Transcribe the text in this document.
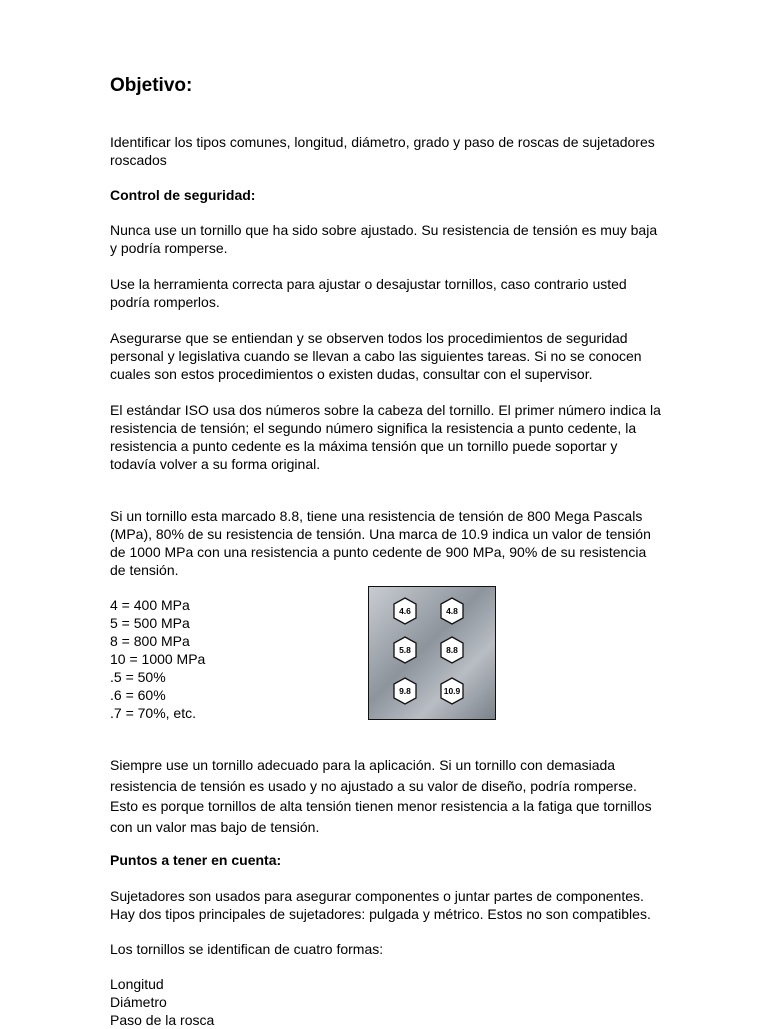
Objetivo:

Identificar los tipos comunes, longitud, diámetro, grado y paso de roscas de sujetadores
roscados

Control de seguridad:

Nunca use un tornillo que ha sido sobre ajustado. Su resistencia de tensión es muy baja
y podría romperse.
Use la herramienta correcta para ajustar o desajustar tornillos, caso contrario usted
podría romperlos.
Asegurarse que se entiendan y se observen todos los procedimientos de seguridad
personal y legislativa cuando se llevan a cabo las siguientes tareas. Si no se conocen
cuales son estos procedimientos o existen dudas, consultar con el supervisor.
El estándar ISO usa dos números sobre la cabeza del tornillo. El primer número indica la
resistencia de tensión; el segundo número significa la resistencia a punto cedente, la
resistencia a punto cedente es la máxima tensión que un tornillo puede soportar y
todavía volver a su forma original.
Si un tornillo esta marcado 8.8, tiene una resistencia de tensión de 800 Mega Pascals
(MPa), 80% de su resistencia de tensión. Una marca de 10.9 indica un valor de tensión
de 1000 MPa con una resistencia a punto cedente de 900 MPa, 90% de su resistencia
de tensión.
4 = 400 MPa
5 = 500 MPa
8 = 800 MPa
10 = 1000 MPa
.5 = 50%
.6 = 60%
.7 = 70%, etc.
4.6	4.8
5.8	8.8
9.8	10.9
Siempre use un tornillo adecuado para la aplicación. Si un tornillo con demasiada
resistencia de tensión es usado y no ajustado a su valor de diseño, podría romperse.
Esto es porque tornillos de alta tensión tienen menor resistencia a la fatiga que tornillos
con un valor mas bajo de tensión.

Puntos a tener en cuenta:

Sujetadores son usados para asegurar componentes o juntar partes de componentes.
Hay dos tipos principales de sujetadores: pulgada y métrico. Estos no son compatibles.

Los tornillos se identifican de cuatro formas:

Longitud
Diámetro
Paso de la rosca
